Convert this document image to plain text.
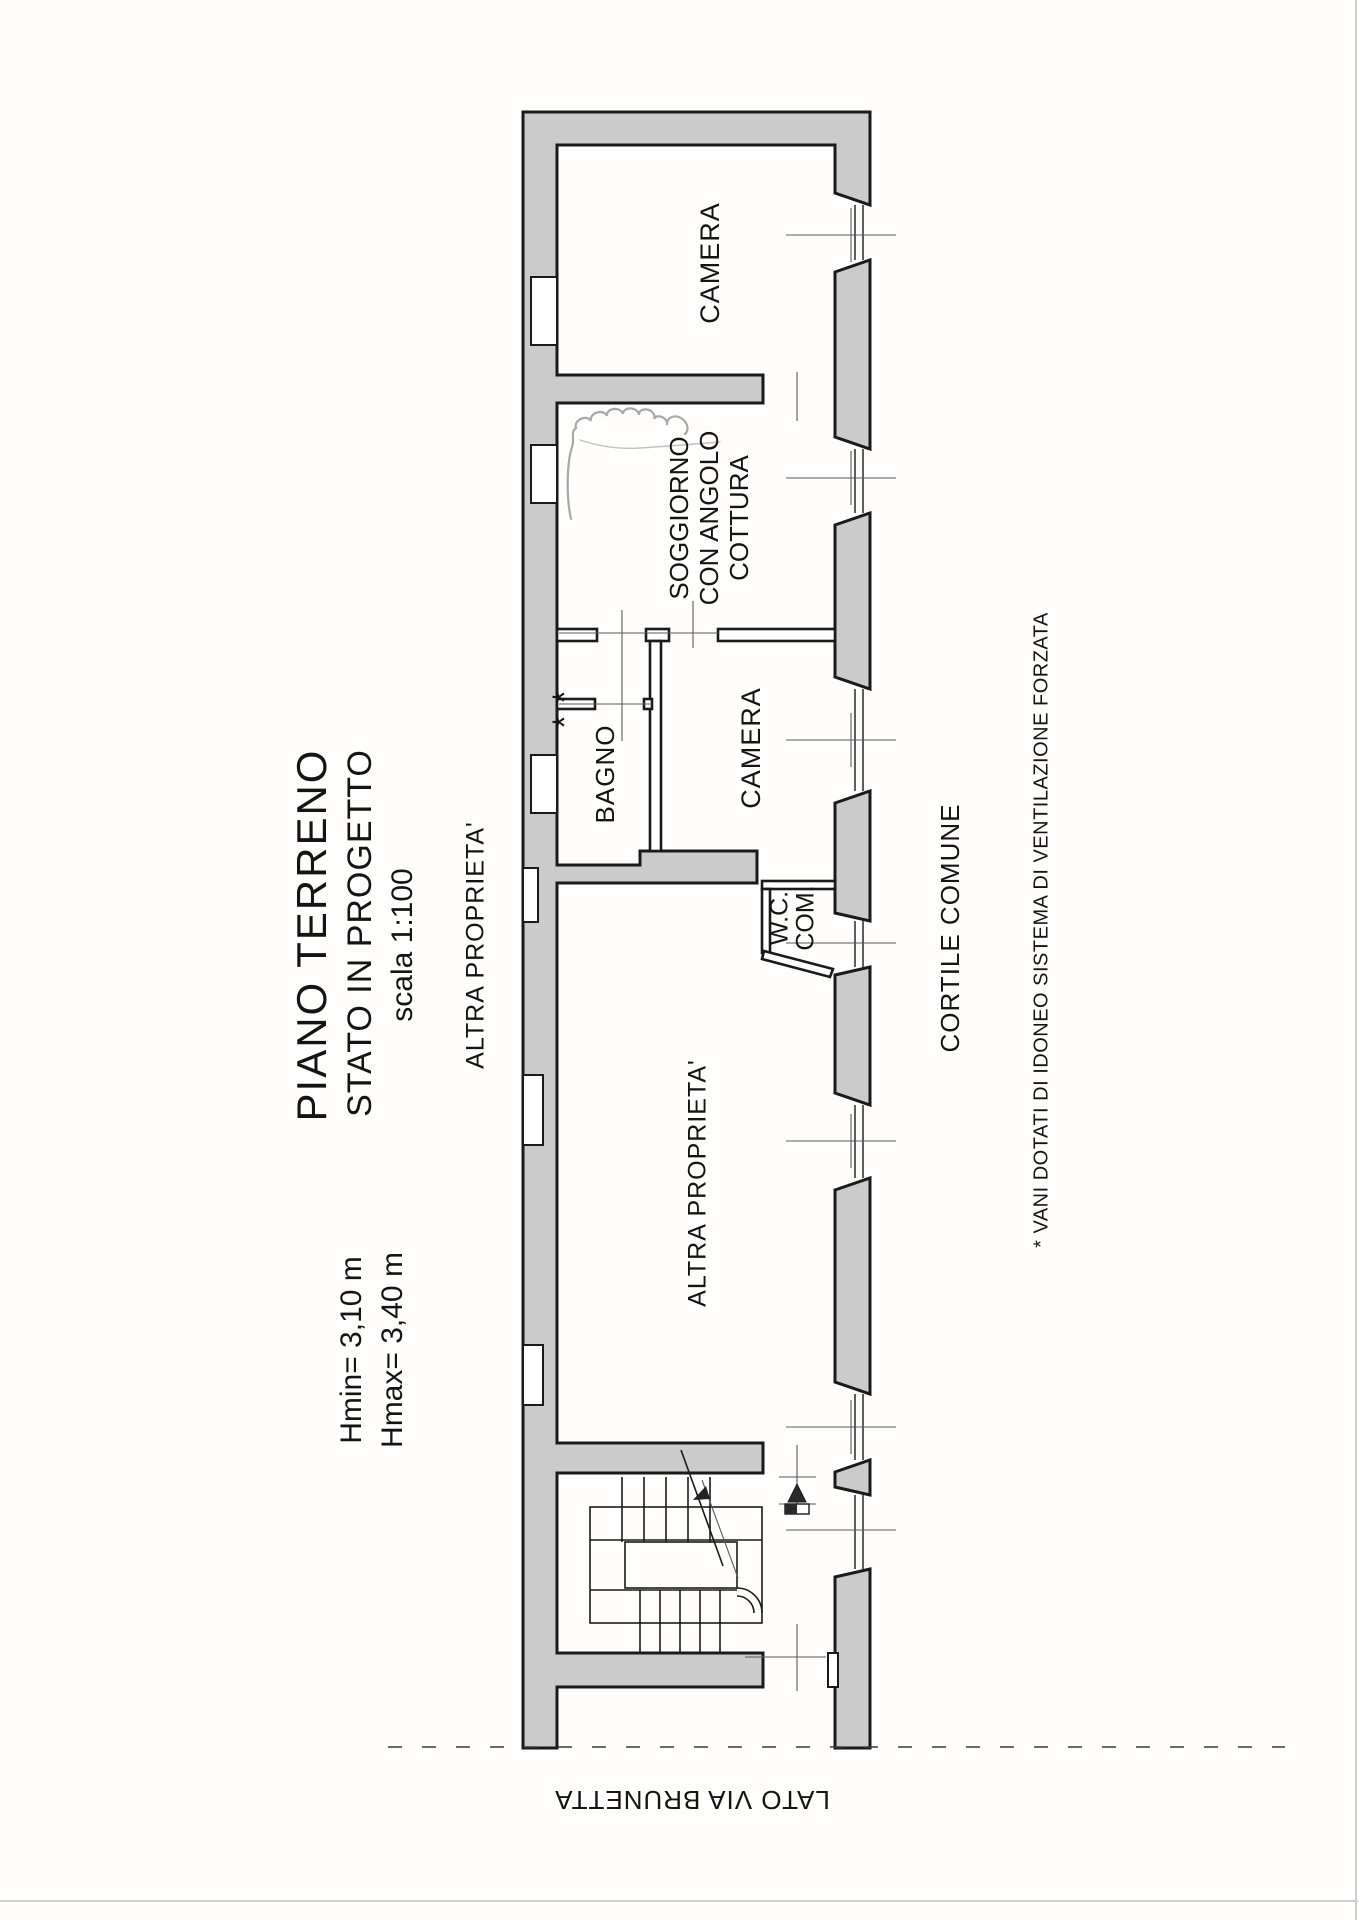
PIANO TERRENO STATO IN PROGETTO scala 1:100
Hmin= 3,10 m Hmax= 3,40 m
ALTRA PROPRIETA'
CAMERA
SOGGIORNO CON ANGOLO COTTURA
BAGNO	CAMERA
W.C.
COM.
ALTRA PROPRIETA'
CORTILE COMUNE	* VANI DOTATI DI IDONEO SISTEMA DI VENTILAZIONE FORZATA
LATO VIA BRUNETTA
*
*
